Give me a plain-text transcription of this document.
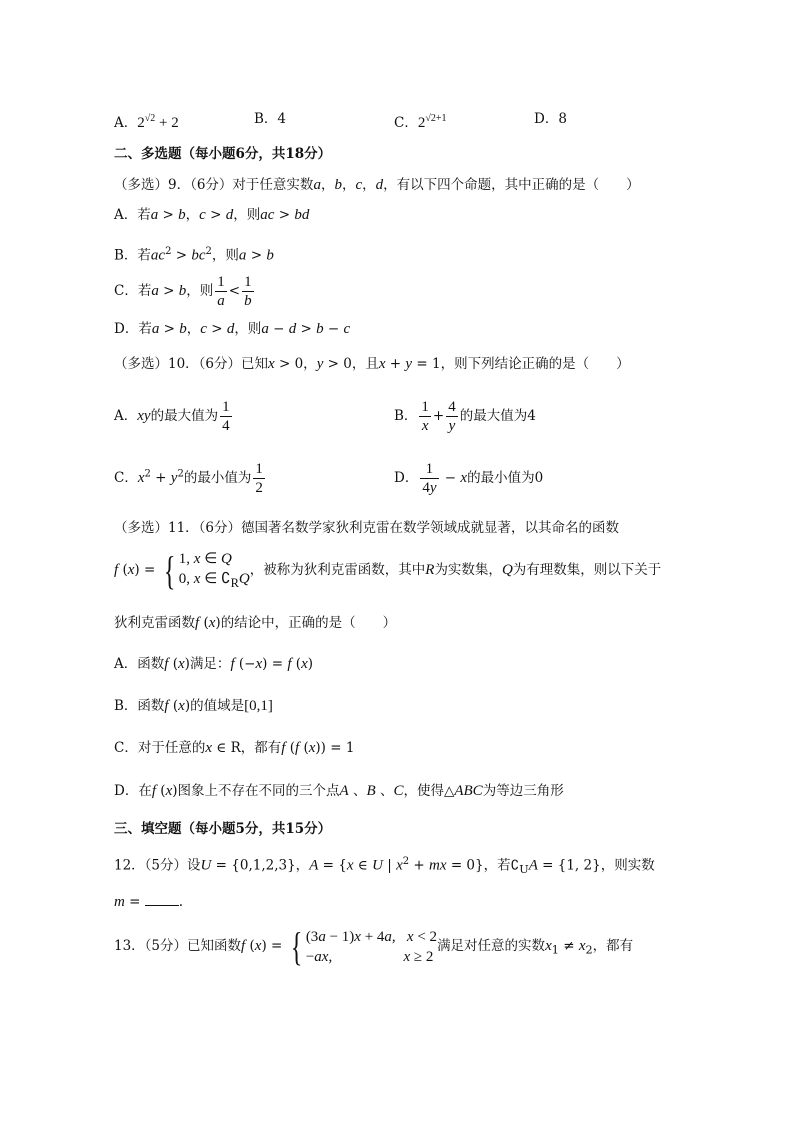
A．$2^{√2} + 2$	B．4	C．$2^{√2+1}$	D．8
二、多选题（每小题6分，共18分）
（多选）9．（6分）对于任意实数a，b，c，d，有以下四个命题，其中正确的是（　　）
A．若a > b，c > d，则ac > bd
B．若$ac^2 > bc^2$，则a > b
C．若a > b，则 $\frac{1}{a} < \frac{1}{b}$
D．若a > b，c > d，则a − d > b − c
（多选）10．（6分）已知x > 0，y > 0，且x + y = 1，则下列结论正确的是（　　）
A．xy的最大值为 $\frac{1}{4}$	B． $\frac{1}{x} + \frac{4}{y}$ 的最大值为4
C．$x^2 + y^2$的最小值为 $\frac{1}{2}$	D． $\frac{1}{4y} - x$的最小值为0
（多选）11．（6分）德国著名数学家狄利克雷在数学领域成就显著，以其命名的函数
f (x) = { 1, x ∈ Q
0, x ∈ $∁_RQ$，被称为狄利克雷函数，其中R为实数集，Q为有理数集，则以下关于
狄利克雷函数f (x)的结论中，正确的是（　　）
A．函数f (x)满足：f (−x) = f (x)
B．函数f (x)的值域是[0,1]
C．对于任意的x ∈ R，都有f (f (x)) = 1
D．在f (x)图象上不存在不同的三个点A 、B 、C，使得△ABC为等边三角形
三、填空题（每小题5分，共15分）
12．（5分）设U = {0,1,2,3}，A = {x ∈ U | $x^2$ + mx = 0}，若$∁_UA = \{1$, 2}，则实数
m =	.
13．（5分）已知函数f (x) = { (3a − 1)x + 4a,   x < 2
−ax,                   x ≥ 2满足对任意的实数$x_1 \ne x_2$，都有
